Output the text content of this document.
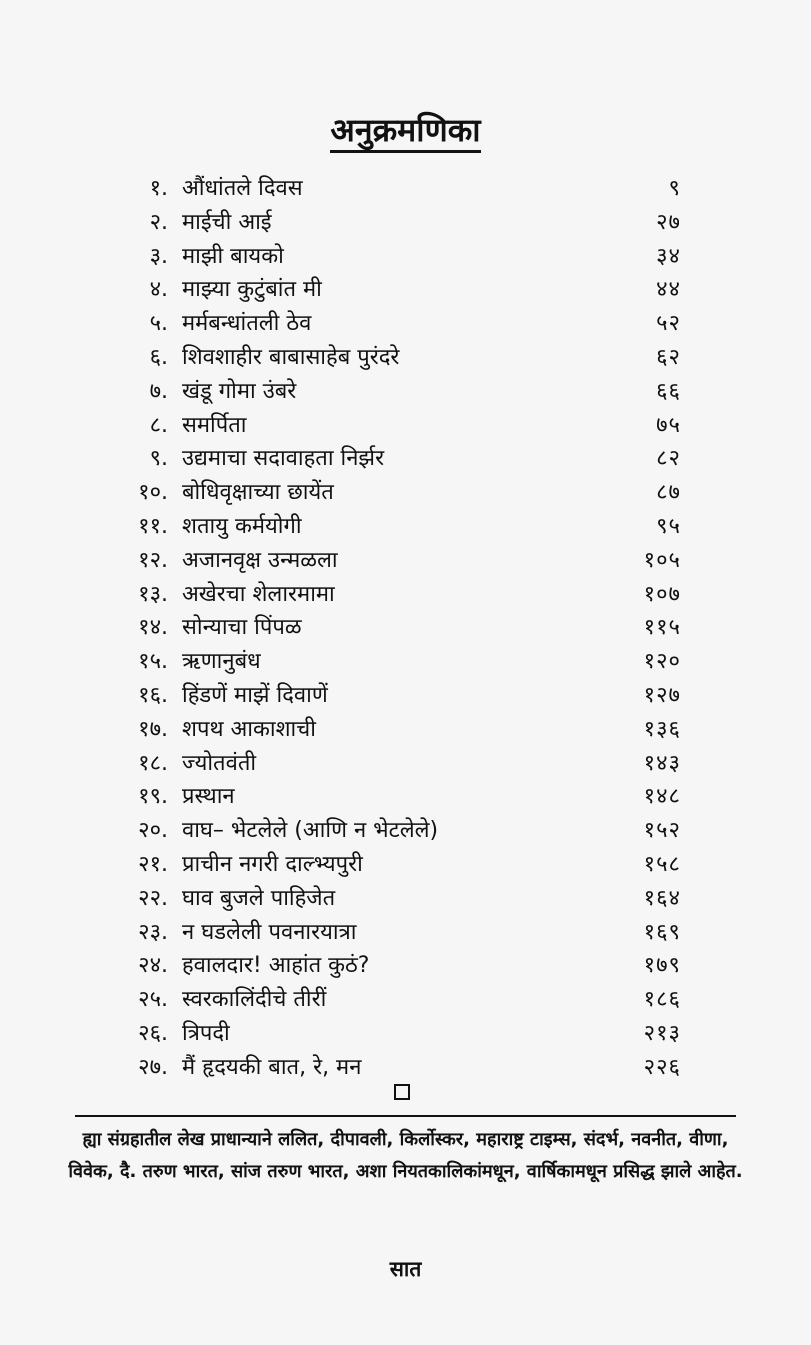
अनुक्रमणिका
१. औंधांतले दिवस	९
२. माईची आई	२७
३. माझी बायको	३४
४. माझ्या कुटुंबांत मी	४४
५. मर्मबन्धांतली ठेव	५२
६. शिवशाहीर बाबासाहेब पुरंदरे	६२
७. खंडू गोमा उंबरे	६६
८. समर्पिता	७५
९. उद्यमाचा सदावाहता निर्झर	८२
१०. बोधिवृक्षाच्या छायेंत	८७
११. शतायु कर्मयोगी	९५
१२. अजानवृक्ष उन्मळला	१०५
१३. अखेरचा शेलारमामा	१०७
१४. सोन्याचा पिंपळ	११५
१५. ऋणानुबंध	१२०
१६. हिंडणें माझें दिवाणें	१२७
१७. शपथ आकाशाची	१३६
१८. ज्योतवंती	१४३
१९. प्रस्थान	१४८
२०. वाघ– भेटलेले (आणि न भेटलेले)	१५२
२१. प्राचीन नगरी दाल्भ्यपुरी	१५८
२२. घाव बुजले पाहिजेत	१६४
२३. न घडलेली पवनारयात्रा	१६९
२४. हवालदार! आहांत कुठं?	१७९
२५. स्वरकालिंदीचे तीरीं	१८६
२६. त्रिपदी	२१३
२७. मैं हृदयकी बात, रे, मन	२२६
ह्या संग्रहातील लेख प्राधान्याने ललित, दीपावली, किर्लोस्कर, महाराष्ट्र टाइम्स, संदर्भ, नवनीत, वीणा, विवेक, दै. तरुण भारत, सांज तरुण भारत, अशा नियतकालिकांमधून, वार्षिकामधून प्रसिद्ध झाले आहेत.
सात
